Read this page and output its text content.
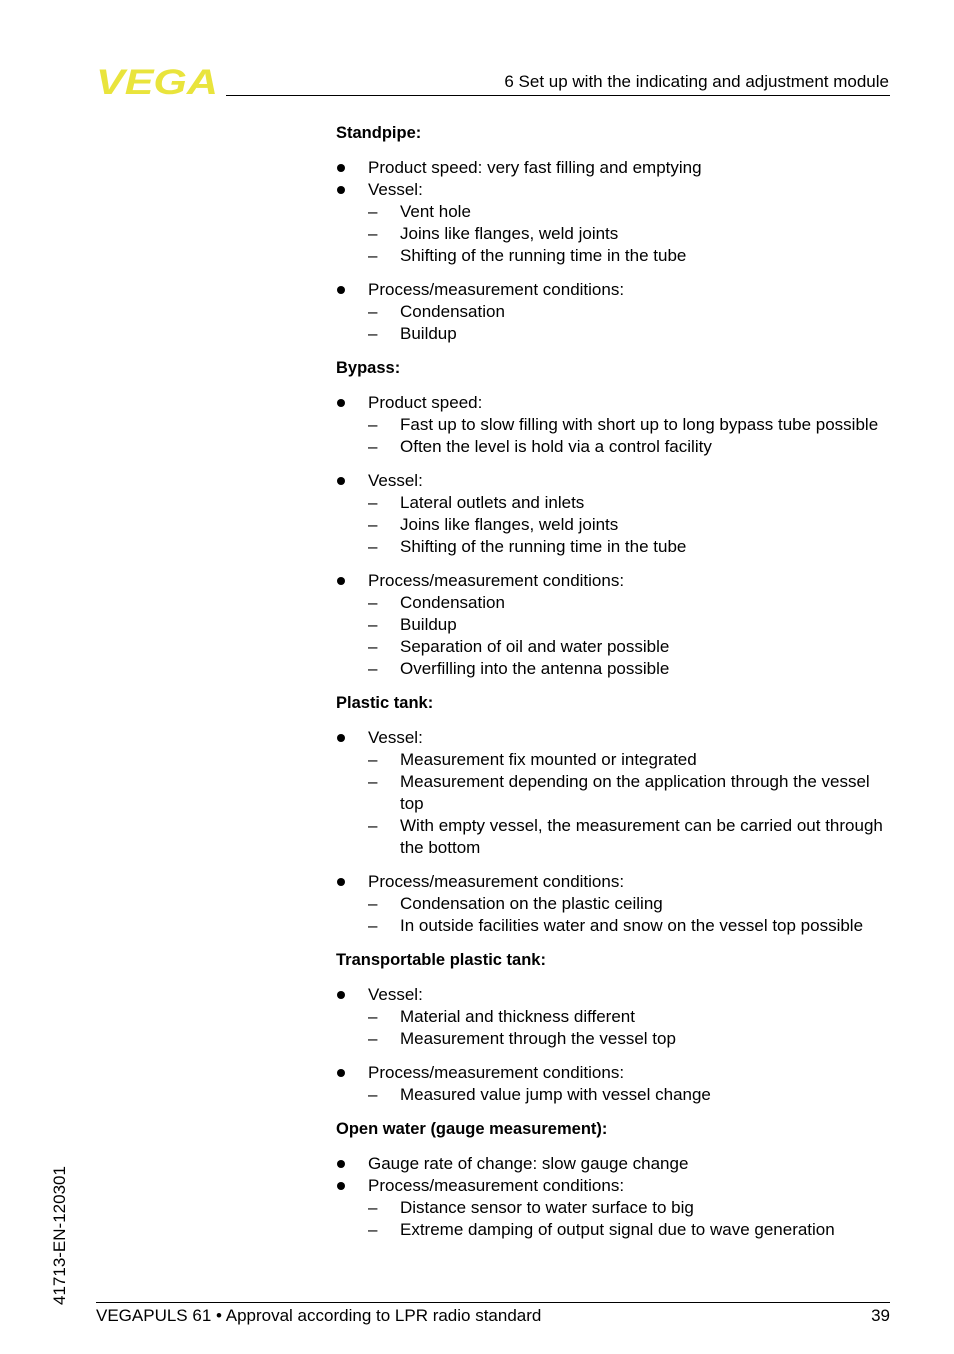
VEGA	6 Set up with the indicating and adjustment module
Standpipe:
Product speed: very fast filling and emptying
Vessel:
– Vent hole
– Joins like flanges, weld joints
– Shifting of the running time in the tube
Process/measurement conditions:
– Condensation
– Buildup
Bypass:
Product speed:
– Fast up to slow filling with short up to long bypass tube possible
– Often the level is hold via a control facility
Vessel:
– Lateral outlets and inlets
– Joins like flanges, weld joints
– Shifting of the running time in the tube
Process/measurement conditions:
– Condensation
– Buildup
– Separation of oil and water possible
– Overfilling into the antenna possible
Plastic tank:
Vessel:
– Measurement fix mounted or integrated
– Measurement depending on the application through the vessel top
– With empty vessel, the measurement can be carried out through the bottom
Process/measurement conditions:
– Condensation on the plastic ceiling
– In outside facilities water and snow on the vessel top possible
Transportable plastic tank:
Vessel:
– Material and thickness different
– Measurement through the vessel top
Process/measurement conditions:
– Measured value jump with vessel change
Open water (gauge measurement):
Gauge rate of change: slow gauge change
Process/measurement conditions:
– Distance sensor to water surface to big
– Extreme damping of output signal due to wave generation
41713-EN-120301
VEGAPULS 61 • Approval according to LPR radio standard	39
